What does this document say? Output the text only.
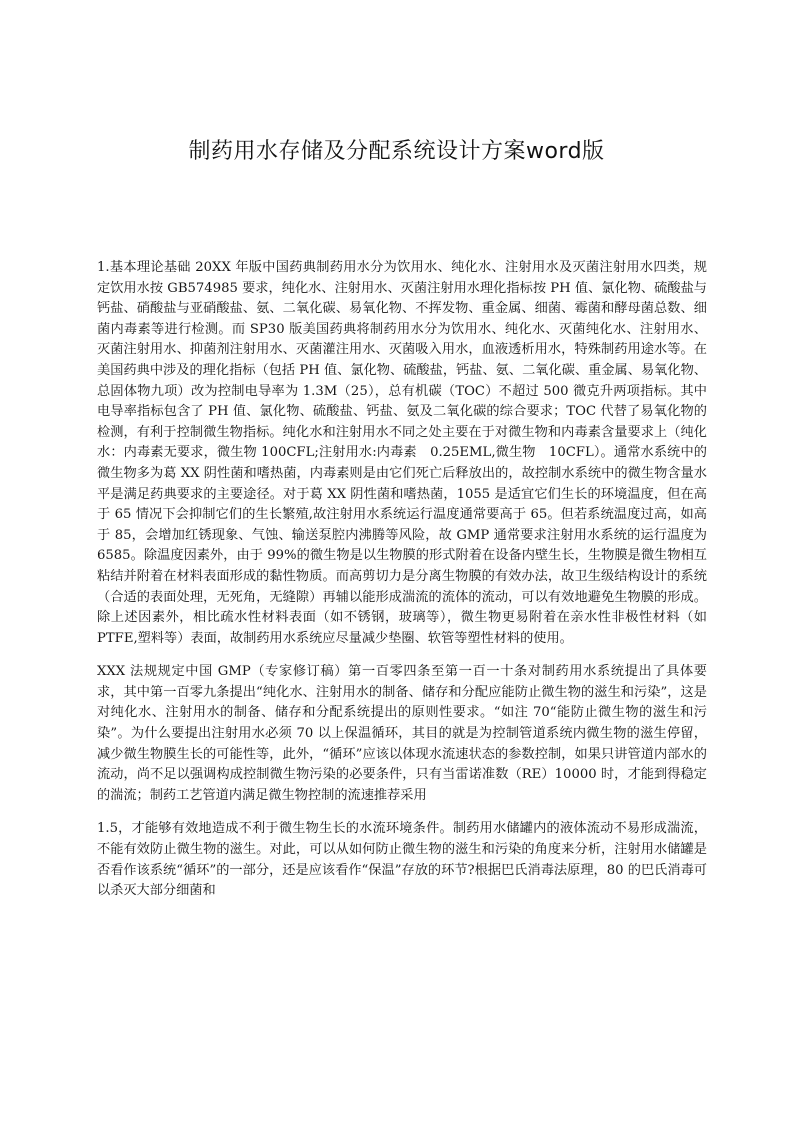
制药用水存储及分配系统设计方案word版

1.基本理论基础 20XX 年版中国药典制药用水分为饮用水、纯化水、注射用水及灭菌注射用水四类，规定饮用水按 GB574985 要求，纯化水、注射用水、灭菌注射用水理化指标按 PH 值、氯化物、硫酸盐与钙盐、硝酸盐与亚硝酸盐、氨、二氧化碳、易氧化物、不挥发物、重金属、细菌、霉菌和酵母菌总数、细菌内毒素等进行检测。而 SP30 版美国药典将制药用水分为饮用水、纯化水、灭菌纯化水、注射用水、灭菌注射用水、抑菌剂注射用水、灭菌灌注用水、灭菌吸入用水，血液透析用水，特殊制药用途水等。在美国药典中涉及的理化指标（包括 PH 值、氯化物、硫酸盐，钙盐、氨、二氧化碳、重金属、易氧化物、总固体物九项）改为控制电导率为 1.3M（25），总有机碳（TOC）不超过 500 微克升两项指标。其中电导率指标包含了 PH 值、氯化物、硫酸盐、钙盐、氨及二氧化碳的综合要求；TOC 代替了易氧化物的检测，有利于控制微生物指标。纯化水和注射用水不同之处主要在于对微生物和内毒素含量要求上（纯化水：内毒素无要求，微生物 100CFL;注射用水:内毒素　0.25EML,微生物　10CFL）。通常水系统中的微生物多为葛 XX 阴性菌和嗜热菌，内毒素则是由它们死亡后释放出的，故控制水系统中的微生物含量水平是满足药典要求的主要途径。对于葛 XX 阴性菌和嗜热菌，1055 是适宜它们生长的环境温度，但在高于 65 情况下会抑制它们的生长繁殖,故注射用水系统运行温度通常要高于 65。但若系统温度过高，如高于 85，会增加红锈现象、气蚀、输送泵腔内沸腾等风险，故 GMP 通常要求注射用水系统的运行温度为 6585。除温度因素外，由于 99%的微生物是以生物膜的形式附着在设备内壁生长，生物膜是微生物相互粘结并附着在材料表面形成的黏性物质。而高剪切力是分离生物膜的有效办法，故卫生级结构设计的系统（合适的表面处理，无死角，无缝隙）再辅以能形成湍流的流体的流动，可以有效地避免生物膜的形成。除上述因素外，相比疏水性材料表面（如不锈钢，玻璃等），微生物更易附着在亲水性非极性材料（如 PTFE,塑料等）表面，故制药用水系统应尽量减少垫圈、软管等塑性材料的使用。

XXX 法规规定中国 GMP（专家修订稿）第一百零四条至第一百一十条对制药用水系统提出了具体要求，其中第一百零九条提出“纯化水、注射用水的制备、储存和分配应能防止微生物的滋生和污染”，这是对纯化水、注射用水的制备、储存和分配系统提出的原则性要求。“如注 70“能防止微生物的滋生和污染”。为什么要提出注射用水必须 70 以上保温循环，其目的就是为控制管道系统内微生物的滋生停留，减少微生物膜生长的可能性等，此外，“循环”应该以体现水流速状态的参数控制，如果只讲管道内部水的流动，尚不足以强调构成控制微生物污染的必要条件，只有当雷诺准数（RE）10000 时，才能到得稳定的湍流；制药工艺管道内满足微生物控制的流速推荐采用

1.5，才能够有效地造成不利于微生物生长的水流环境条件。制药用水储罐内的液体流动不易形成湍流，不能有效防止微生物的滋生。对此，可以从如何防止微生物的滋生和污染的角度来分析，注射用水储罐是否看作该系统“循环”的一部分，还是应该看作“保温”存放的环节?根据巴氏消毒法原理，80 的巴氏消毒可以杀灭大部分细菌和
